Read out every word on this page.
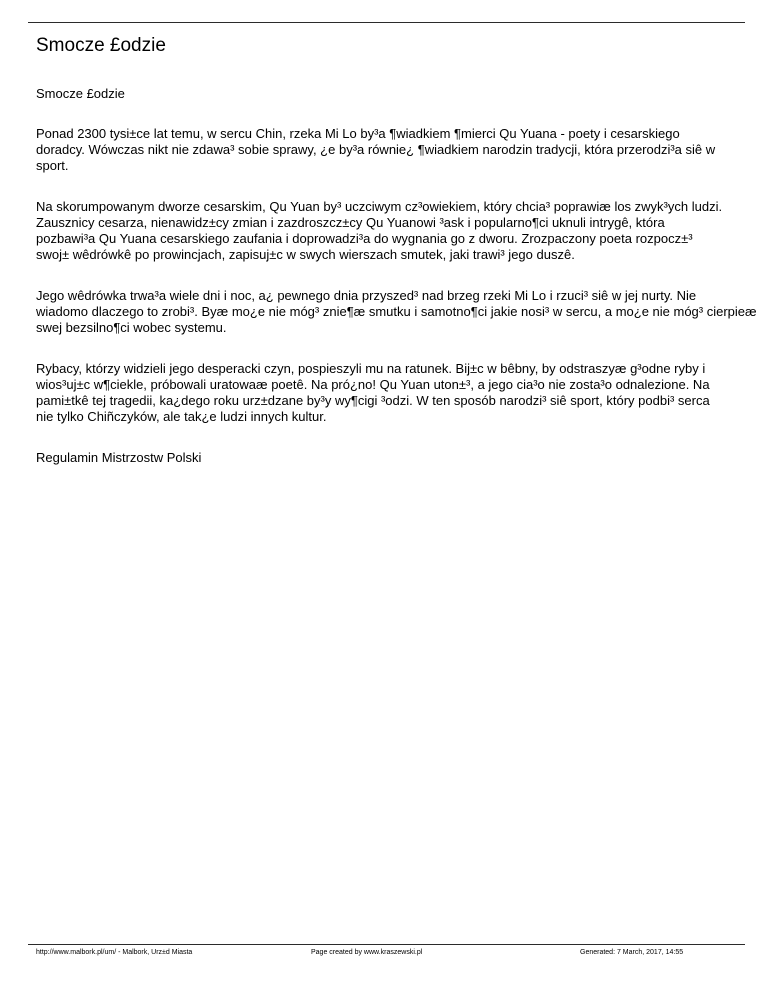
Smocze £odzie

Smocze £odzie

Ponad 2300 tysi±ce lat temu, w sercu Chin, rzeka Mi Lo by³a ¶wiadkiem ¶mierci Qu Yuana - poety i cesarskiego
doradcy. Wówczas nikt nie zdawa³ sobie sprawy, ¿e by³a równie¿ ¶wiadkiem narodzin tradycji, która przerodzi³a siê w
sport.

Na skorumpowanym dworze cesarskim, Qu Yuan by³ uczciwym cz³owiekiem, który chcia³ poprawiæ los zwyk³ych ludzi.
Zausznicy cesarza, nienawidz±cy zmian i zazdroszcz±cy Qu Yuanowi ³ask i popularno¶ci uknuli intrygê, która
pozbawi³a Qu Yuana cesarskiego zaufania i doprowadzi³a do wygnania go z dworu. Zrozpaczony poeta rozpocz±³
swoj± wêdrówkê po prowincjach, zapisuj±c w swych wierszach smutek, jaki trawi³ jego duszê.

Jego wêdrówka trwa³a wiele dni i noc, a¿ pewnego dnia przyszed³ nad brzeg rzeki Mi Lo i rzuci³ siê w jej nurty. Nie
wiadomo dlaczego to zrobi³. Byæ mo¿e nie móg³ znie¶æ smutku i samotno¶ci jakie nosi³ w sercu, a mo¿e nie móg³ cierpieæ
swej bezsilno¶ci wobec systemu.

Rybacy, którzy widzieli jego desperacki czyn, pospieszyli mu na ratunek. Bij±c w bêbny, by odstraszyæ g³odne ryby i
wios³uj±c w¶ciekle, próbowali uratowaæ poetê. Na pró¿no! Qu Yuan uton±³, a jego cia³o nie zosta³o odnalezione. Na
pami±tkê tej tragedii, ka¿dego roku urz±dzane by³y wy¶cigi ³odzi. W ten sposób narodzi³ siê sport, który podbi³ serca
nie tylko Chiñczyków, ale tak¿e ludzi innych kultur.

Regulamin Mistrzostw Polski

http://www.malbork.pl/um/ - Malbork, Urz±d Miasta	Page created by www.kraszewski.pl	Generated: 7 March, 2017, 14:55
